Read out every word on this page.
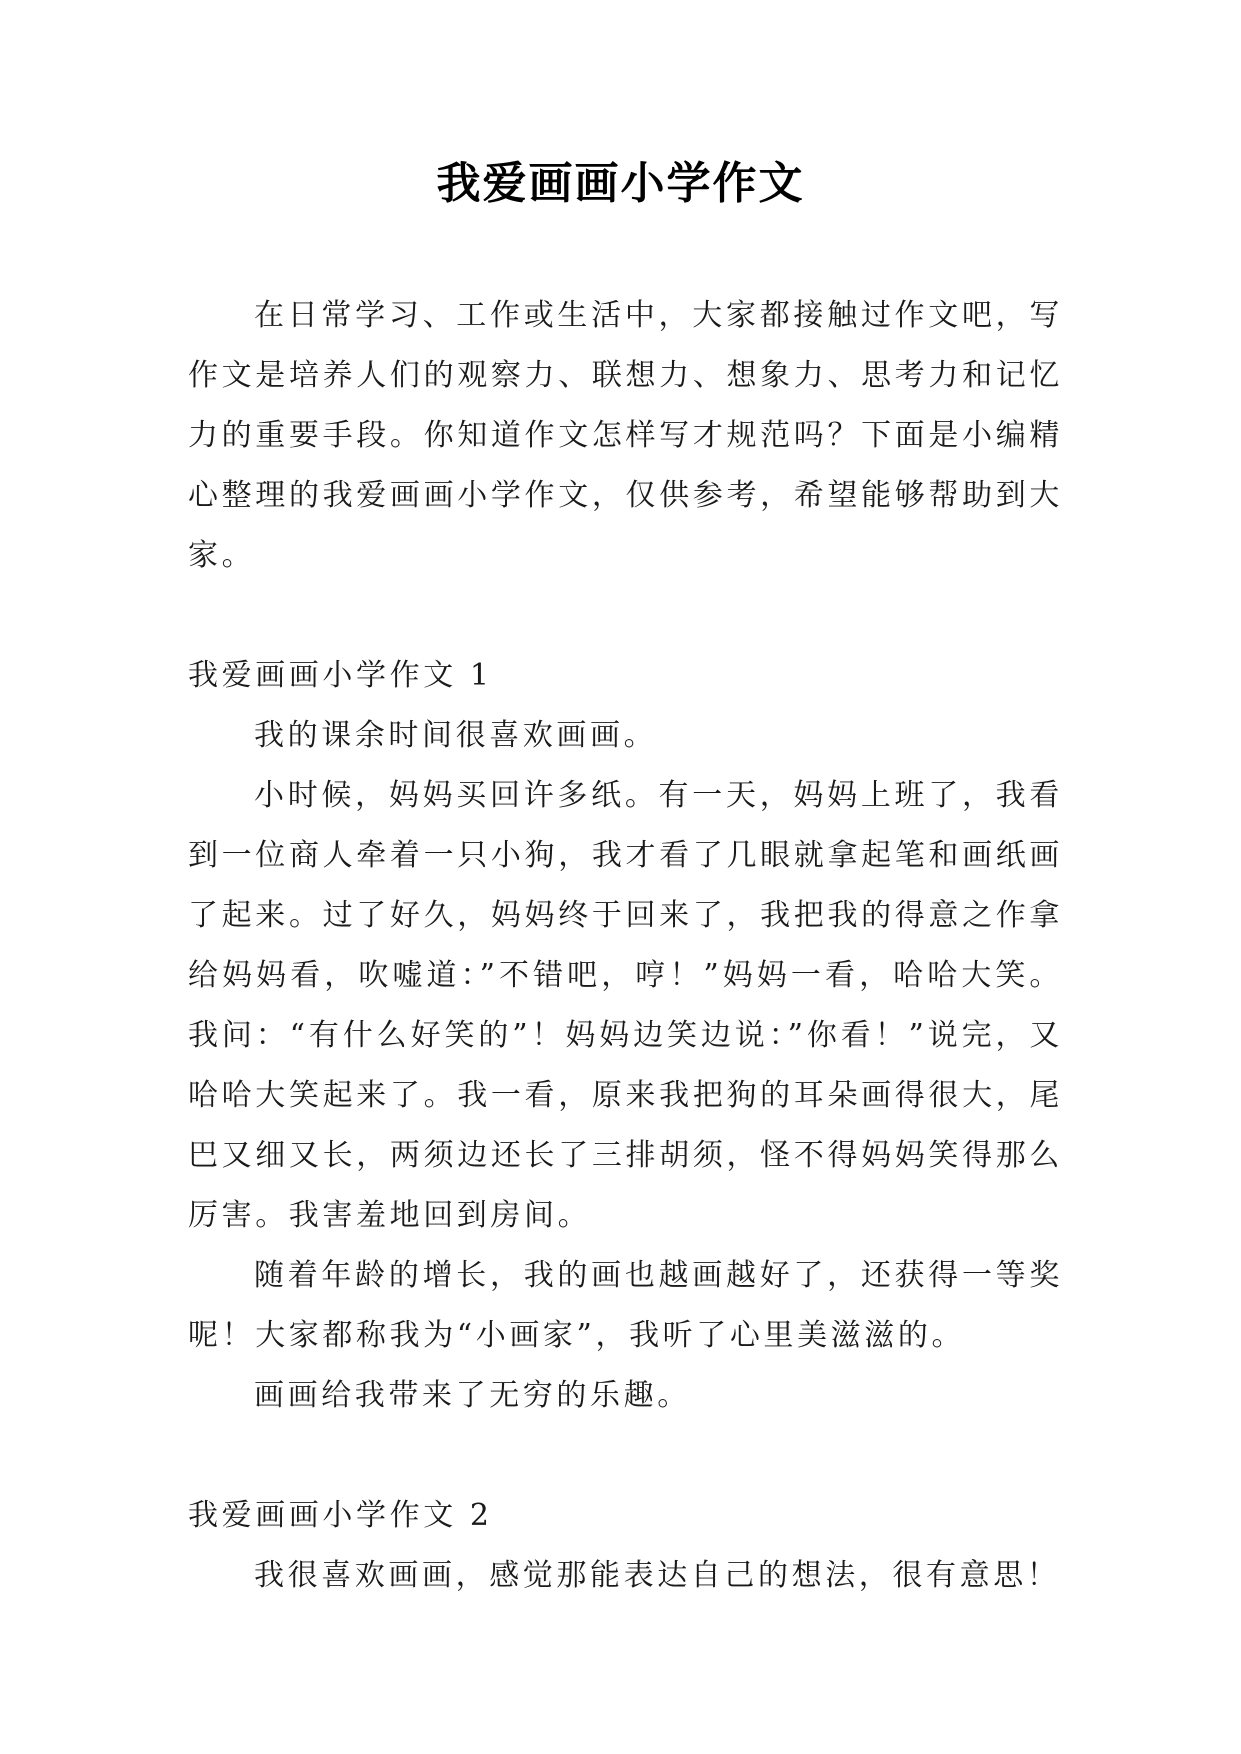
我爱画画小学作文

在日常学习、工作或生活中，大家都接触过作文吧，写作文是培养人们的观察力、联想力、想象力、思考力和记忆力的重要手段。你知道作文怎样写才规范吗？下面是小编精心整理的我爱画画小学作文，仅供参考，希望能够帮助到大家。

我爱画画小学作文 1

我的课余时间很喜欢画画。

小时候，妈妈买回许多纸。有一天，妈妈上班了，我看到一位商人牵着一只小狗，我才看了几眼就拿起笔和画纸画了起来。过了好久，妈妈终于回来了，我把我的得意之作拿给妈妈看，吹嘘道：”不错吧，哼！”妈妈一看，哈哈大笑。我问：“有什么好笑的”！妈妈边笑边说：”你看！”说完，又哈哈大笑起来了。我一看，原来我把狗的耳朵画得很大，尾巴又细又长，两须边还长了三排胡须，怪不得妈妈笑得那么厉害。我害羞地回到房间。

随着年龄的增长，我的画也越画越好了，还获得一等奖呢！大家都称我为“小画家”，我听了心里美滋滋的。

画画给我带来了无穷的乐趣。

我爱画画小学作文 2

我很喜欢画画，感觉那能表达自己的想法，很有意思！
